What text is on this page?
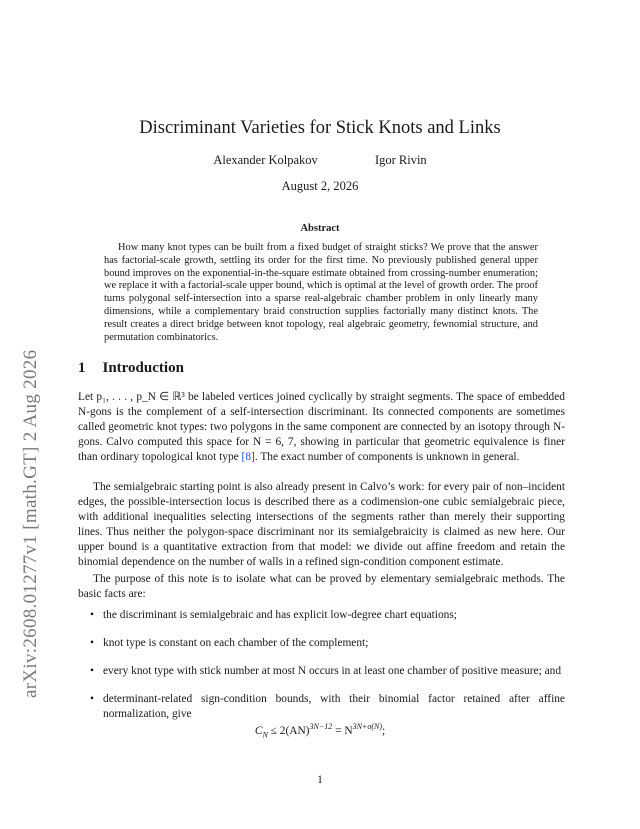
arXiv:2608.01277v1 [math.GT] 2 Aug 2026
Discriminant Varieties for Stick Knots and Links
Alexander Kolpakov	Igor Rivin
August 2, 2026
Abstract
How many knot types can be built from a fixed budget of straight sticks? We prove that the answer has factorial-scale growth, settling its order for the first time. No previously published general upper bound improves on the exponential-in-the-square estimate obtained from crossing-number enumeration; we replace it with a factorial-scale upper bound, which is optimal at the level of growth order. The proof turns polygonal self-intersection into a sparse real-algebraic chamber problem in only linearly many dimensions, while a complementary braid construction supplies factorially many distinct knots. The result creates a direct bridge between knot topology, real algebraic geometry, fewnomial structure, and permutation combinatorics.
1 Introduction

Let p₁, . . . , p_N ∈ ℝ³ be labeled vertices joined cyclically by straight segments. The space of embedded N-gons is the complement of a self-intersection discriminant. Its connected components are sometimes called geometric knot types: two polygons in the same component are connected by an isotopy through N-gons. Calvo computed this space for N = 6, 7, showing in particular that geometric equivalence is finer than ordinary topological knot type [8]. The exact number of components is unknown in general.

The semialgebraic starting point is also already present in Calvo’s work: for every pair of non–incident edges, the possible-intersection locus is described there as a codimension-one cubic semialgebraic piece, with additional inequalities selecting intersections of the segments rather than merely their supporting lines. Thus neither the polygon-space discriminant nor its semialgebraicity is claimed as new here. Our upper bound is a quantitative extraction from that model: we divide out affine freedom and retain the binomial dependence on the number of walls in a refined sign-condition component estimate.

The purpose of this note is to isolate what can be proved by elementary semialgebraic methods. The basic facts are:

• the discriminant is semialgebraic and has explicit low-degree chart equations;
• knot type is constant on each chamber of the complement;
• every knot type with stick number at most N occurs in at least one chamber of positive measure; and
• determinant-related sign-condition bounds, with their binomial factor retained after affine normalization, give
$C_N \le 2(AN)^{3N-12} = N^{3N+o(N)}$;
1
